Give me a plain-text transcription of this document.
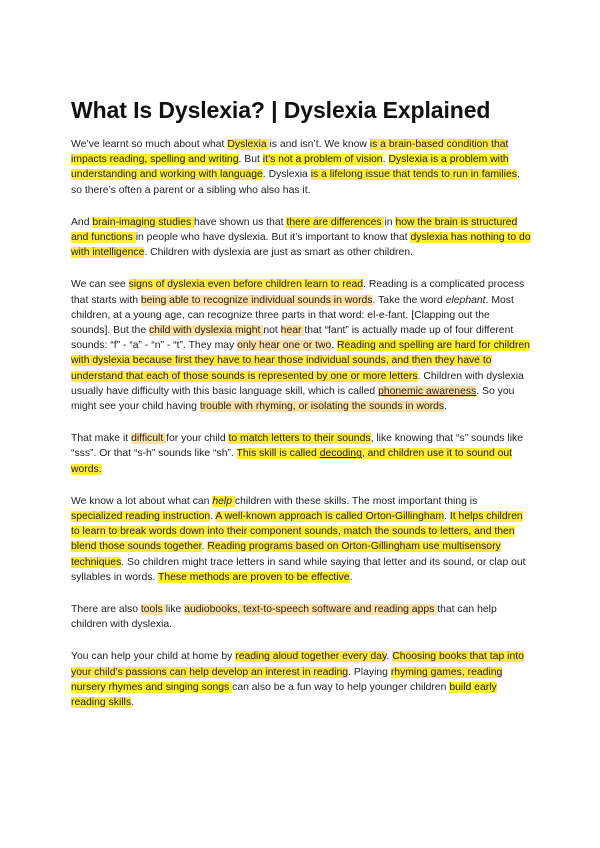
What Is Dyslexia? | Dyslexia Explained

We’ve learnt so much about what Dyslexia is and isn’t. We know is a brain-based condition that impacts reading, spelling and writing. But it’s not a problem of vision. Dyslexia is a problem with understanding and working with language. Dyslexia is a lifelong issue that tends to run in families, so there’s often a parent or a sibling who also has it.

And brain-imaging studies have shown us that there are differences in how the brain is structured and functions in people who have dyslexia. But it’s important to know that dyslexia has nothing to do with intelligence. Children with dyslexia are just as smart as other children.

We can see signs of dyslexia even before children learn to read. Reading is a complicated process that starts with being able to recognize individual sounds in words. Take the word elephant. Most children, at a young age, can recognize three parts in that word: el-e-fant. [Clapping out the sounds]. But the child with dyslexia might not hear that “fant” is actually made up of four different sounds: “f” - “a” - “n” - “t”. They may only hear one or two. Reading and spelling are hard for children with dyslexia because first they have to hear those individual sounds, and then they have to understand that each of those sounds is represented by one or more letters. Children with dyslexia usually have difficulty with this basic language skill, which is called phonemic awareness. So you might see your child having trouble with rhyming, or isolating the sounds in words.

That make it difficult for your child to match letters to their sounds, like knowing that “s” sounds like “sss”. Or that “s-h” sounds like “sh”. This skill is called decoding, and children use it to sound out words.

We know a lot about what can help children with these skills. The most important thing is specialized reading instruction. A well-known approach is called Orton-Gillingham. It helps children to learn to break words down into their component sounds, match the sounds to letters, and then blend those sounds together. Reading programs based on Orton-Gillingham use multisensory techniques. So children might trace letters in sand while saying that letter and its sound, or clap out syllables in words. These methods are proven to be effective.

There are also tools like audiobooks, text-to-speech software and reading apps that can help children with dyslexia.

You can help your child at home by reading aloud together every day. Choosing books that tap into your child’s passions can help develop an interest in reading. Playing rhyming games, reading nursery rhymes and singing songs can also be a fun way to help younger children build early reading skills.
